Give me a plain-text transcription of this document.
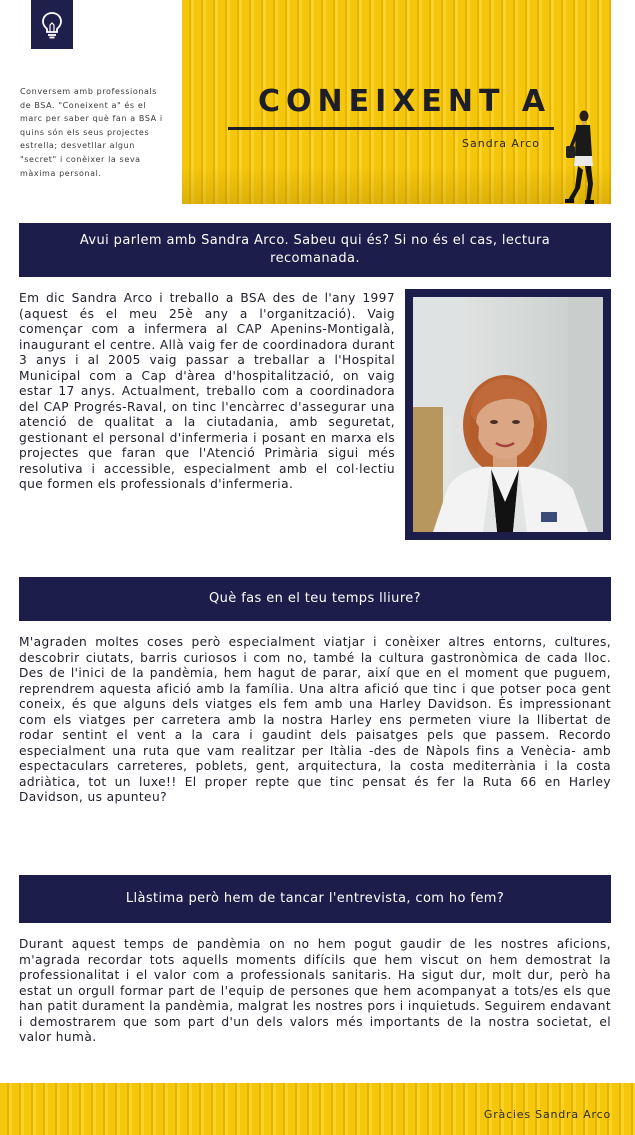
Conversem amb professionals de BSA. "Coneixent a" és el marc per saber què fan a BSA i quins són els seus projectes estrella; desvetllar algun "secret" i conèixer la seva màxima personal.

CONEIXENT A
Sandra Arco
Avui parlem amb Sandra Arco. Sabeu qui és? Si no és el cas, lectura recomanada.

Em dic Sandra Arco i treballo a BSA des de l'any 1997 (aquest és el meu 25è any a l'organització). Vaig començar com a infermera al CAP Apenins-Montigalà, inaugurant el centre. Allà vaig fer de coordinadora durant 3 anys i al 2005 vaig passar a treballar a l'Hospital Municipal com a Cap d'àrea d'hospitalització, on vaig estar 17 anys. Actualment, treballo com a coordinadora del CAP Progrés-Raval, on tinc l'encàrrec d'assegurar una atenció de qualitat a la ciutadania, amb seguretat, gestionant el personal d'infermeria i posant en marxa els projectes que faran que l'Atenció Primària sigui més resolutiva i accessible, especialment amb el col·lectiu que formen els professionals d'infermeria.

Què fas en el teu temps lliure?

M'agraden moltes coses però especialment viatjar i conèixer altres entorns, cultures, descobrir ciutats, barris curiosos i com no, també la cultura gastronòmica de cada lloc. Des de l'inici de la pandèmia, hem hagut de parar, així que en el moment que puguem, reprendrem aquesta afició amb la família. Una altra afició que tinc i que potser poca gent coneix, és que alguns dels viatges els fem amb una Harley Davidson. És impressionant com els viatges per carretera amb la nostra Harley ens permeten viure la llibertat de rodar sentint el vent a la cara i gaudint dels paisatges pels que passem. Recordo especialment una ruta que vam realitzar per Itàlia -des de Nàpols fins a Venècia- amb espectaculars carreteres, poblets, gent, arquitectura, la costa mediterrània i la costa adriàtica, tot un luxe!! El proper repte que tinc pensat és fer la Ruta 66 en Harley Davidson, us apunteu?

Llàstima però hem de tancar l'entrevista, com ho fem?

Durant aquest temps de pandèmia on no hem pogut gaudir de les nostres aficions, m'agrada recordar tots aquells moments difícils que hem viscut on hem demostrat la professionalitat i el valor com a professionals sanitaris. Ha sigut dur, molt dur, però ha estat un orgull formar part de l'equip de persones que hem acompanyat a tots/es els que han patit durament la pandèmia, malgrat les nostres pors i inquietuds. Seguirem endavant i demostrarem que som part d'un dels valors més importants de la nostra societat, el valor humà.

Gràcies Sandra Arco
